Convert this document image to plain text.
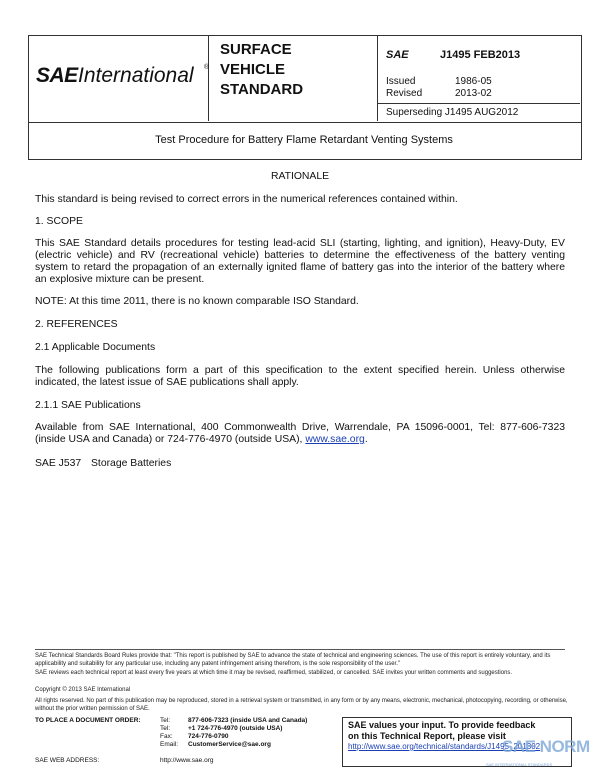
SAE International ®
SURFACE
VEHICLE
STANDARD
SAE	J1495 FEB2013
Issued	1986-05
Revised	2013-02
Superseding J1495 AUG2012
Test Procedure for Battery Flame Retardant Venting Systems
RATIONALE
This standard is being revised to correct errors in the numerical references contained within.
1. SCOPE
This SAE Standard details procedures for testing lead-acid SLI (starting, lighting, and ignition), Heavy-Duty, EV (electric vehicle) and RV (recreational vehicle) batteries to determine the effectiveness of the battery venting system to retard the propagation of an externally ignited flame of battery gas into the interior of the battery where an explosive mixture can be present.
NOTE: At this time 2011, there is no known comparable ISO Standard.
2. REFERENCES
2.1 Applicable Documents
The following publications form a part of this specification to the extent specified herein. Unless otherwise indicated, the latest issue of SAE publications shall apply.
2.1.1 SAE Publications
Available from SAE International, 400 Commonwealth Drive, Warrendale, PA 15096-0001, Tel: 877-606-7323 (inside USA and Canada) or 724-776-4970 (outside USA), www.sae.org.
SAE J537 Storage Batteries
SAE Technical Standards Board Rules provide that: "This report is published by SAE to advance the state of technical and engineering sciences. The use of this report is entirely voluntary, and its applicability and suitability for any particular use, including any patent infringement arising therefrom, is the sole responsibility of the user."
SAE reviews each technical report at least every five years at which time it may be revised, reaffirmed, stabilized, or cancelled. SAE invites your written comments and suggestions.
Copyright © 2013 SAE International
All rights reserved. No part of this publication may be reproduced, stored in a retrieval system or transmitted, in any form or by any means, electronic, mechanical, photocopying, recording, or otherwise, without the prior written permission of SAE.
TO PLACE A DOCUMENT ORDER:	Tel:	877-606-7323 (inside USA and Canada)
Tel:	+1 724-776-4970 (outside USA)
Fax: 724-776-0790
Email: CustomerService@sae.org
SAE WEB ADDRESS:	http://www.sae.org
SAE values your input. To provide feedback
on this Technical Report, please visit
http://www.sae.org/technical/standards/J1495_201302
SAE NORM
SAE INTERNATIONAL STANDARDS
